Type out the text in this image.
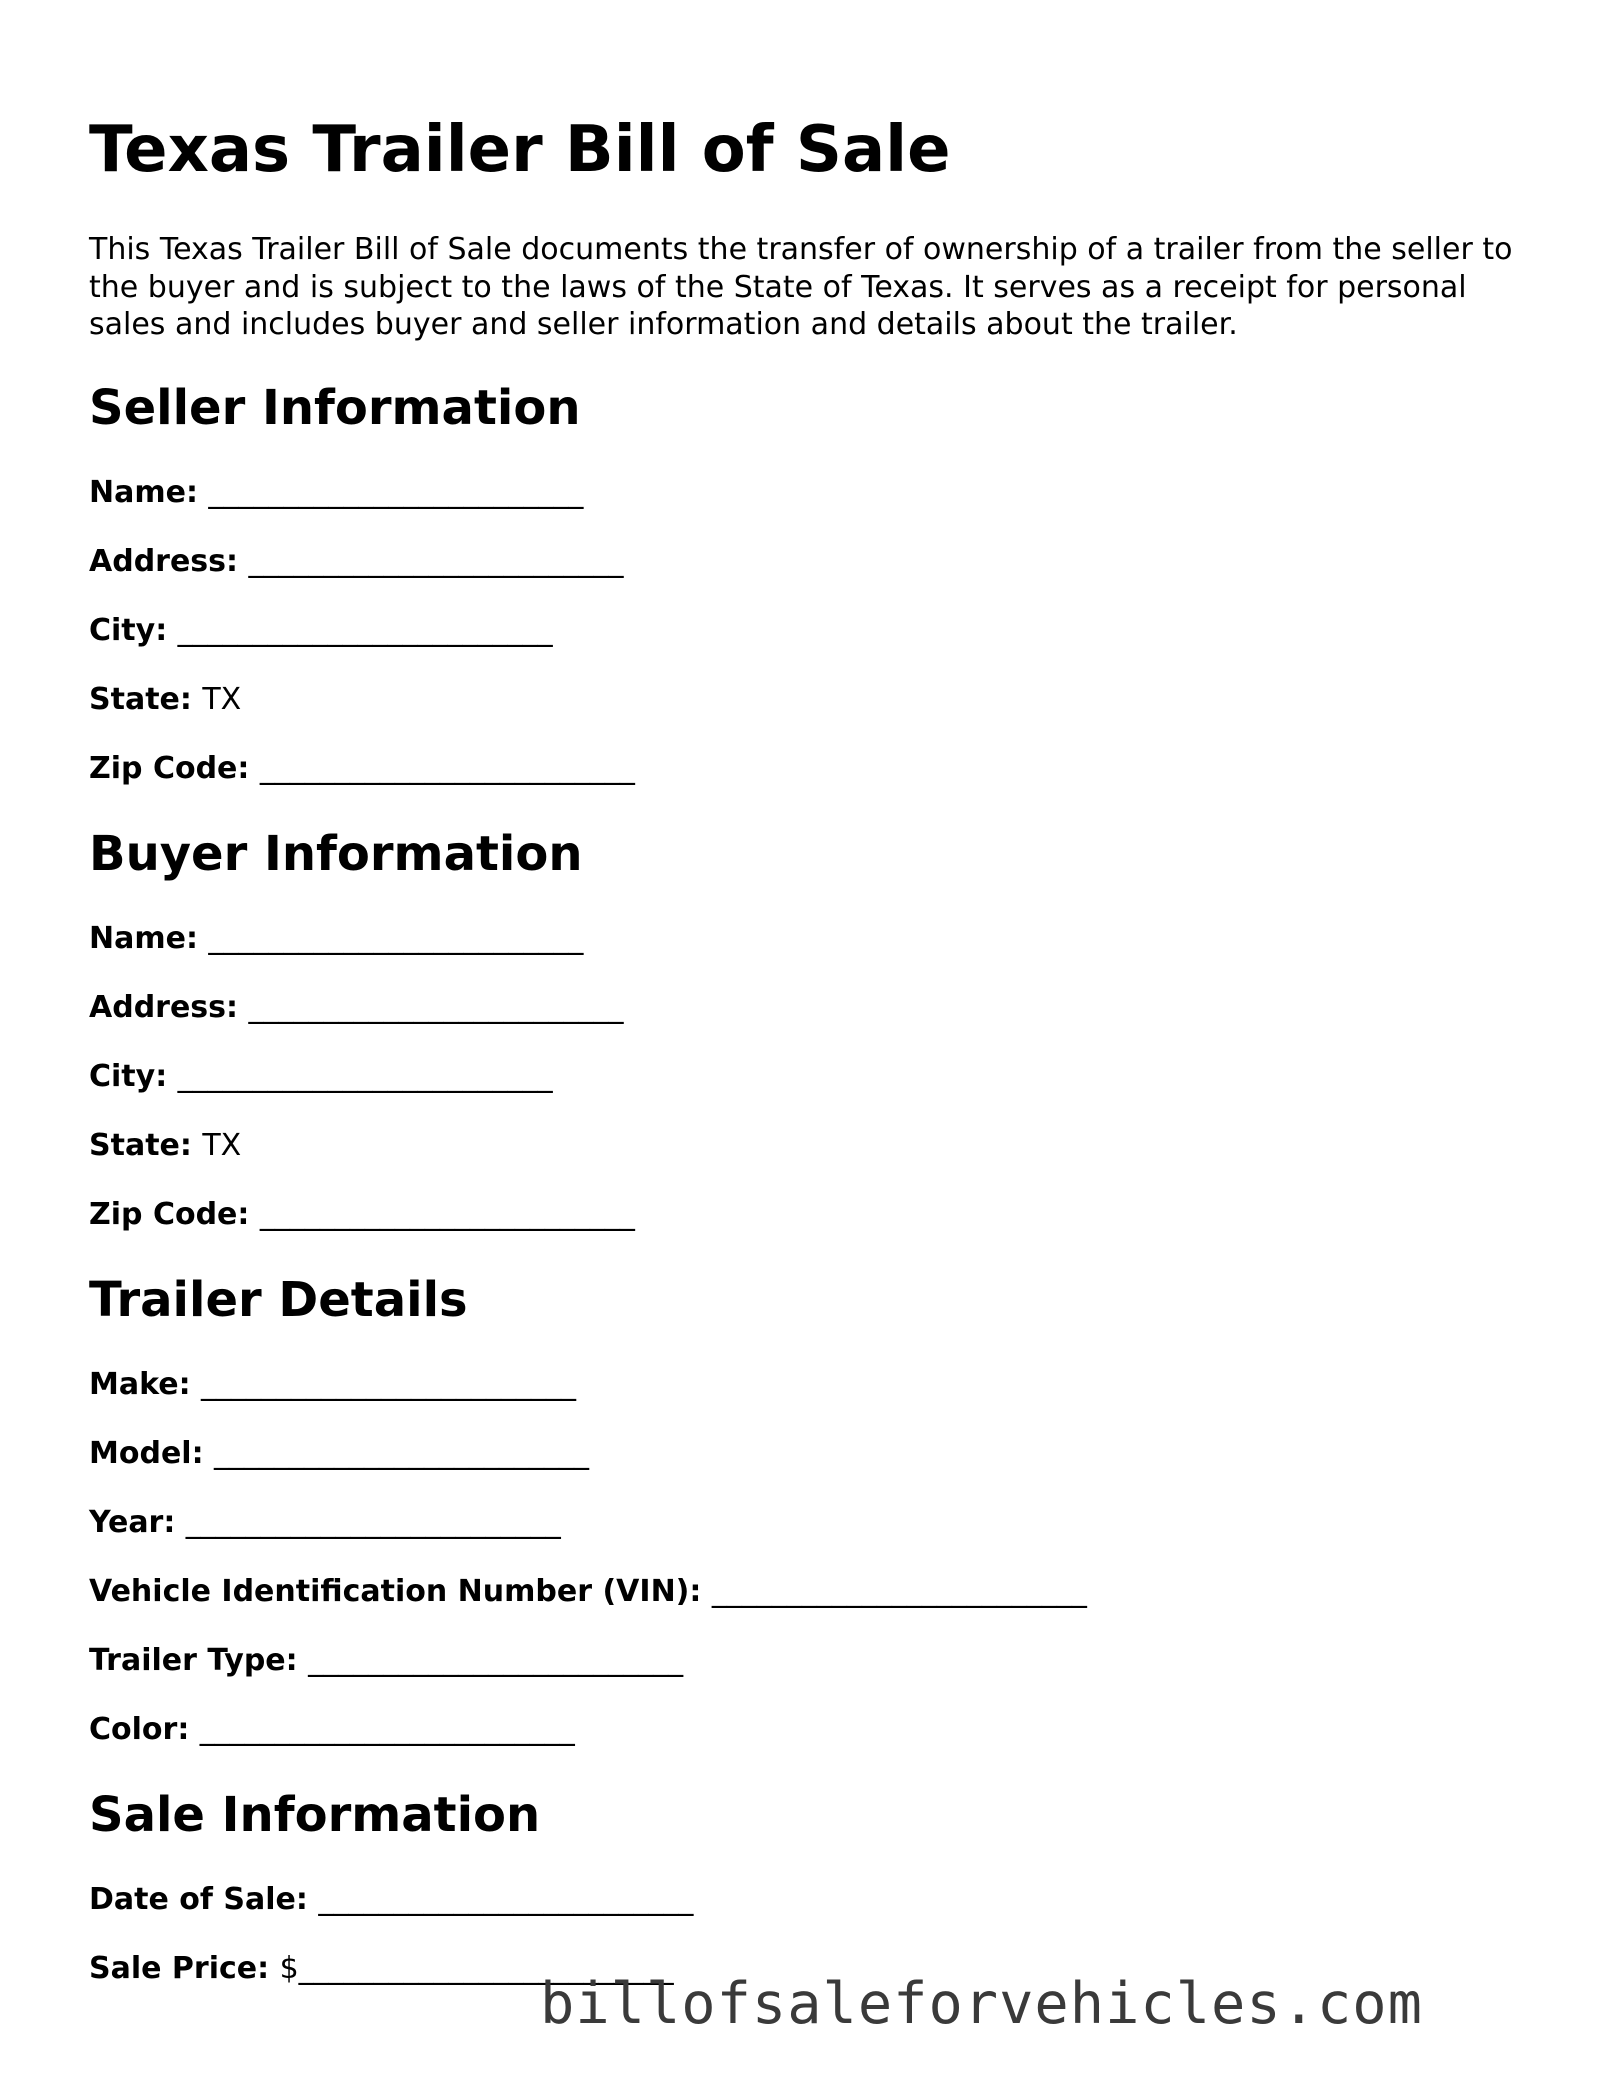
Texas Trailer Bill of Sale

This Texas Trailer Bill of Sale documents the transfer of ownership of a trailer from the seller to the buyer and is subject to the laws of the State of Texas. It serves as a receipt for personal sales and includes buyer and seller information and details about the trailer.

Seller Information
Name: _________________________
Address: _________________________
City: _________________________
State: TX
Zip Code: _________________________
Buyer Information
Name: _________________________
Address: _________________________
City: _________________________
State: TX
Zip Code: _________________________
Trailer Details
Make: _________________________
Model: _________________________
Year: _________________________
Vehicle Identification Number (VIN): _________________________
Trailer Type: _________________________
Color: _________________________
Sale Information
Date of Sale: _________________________
Sale Price: $_________________________
billofsaleforvehicles.com
